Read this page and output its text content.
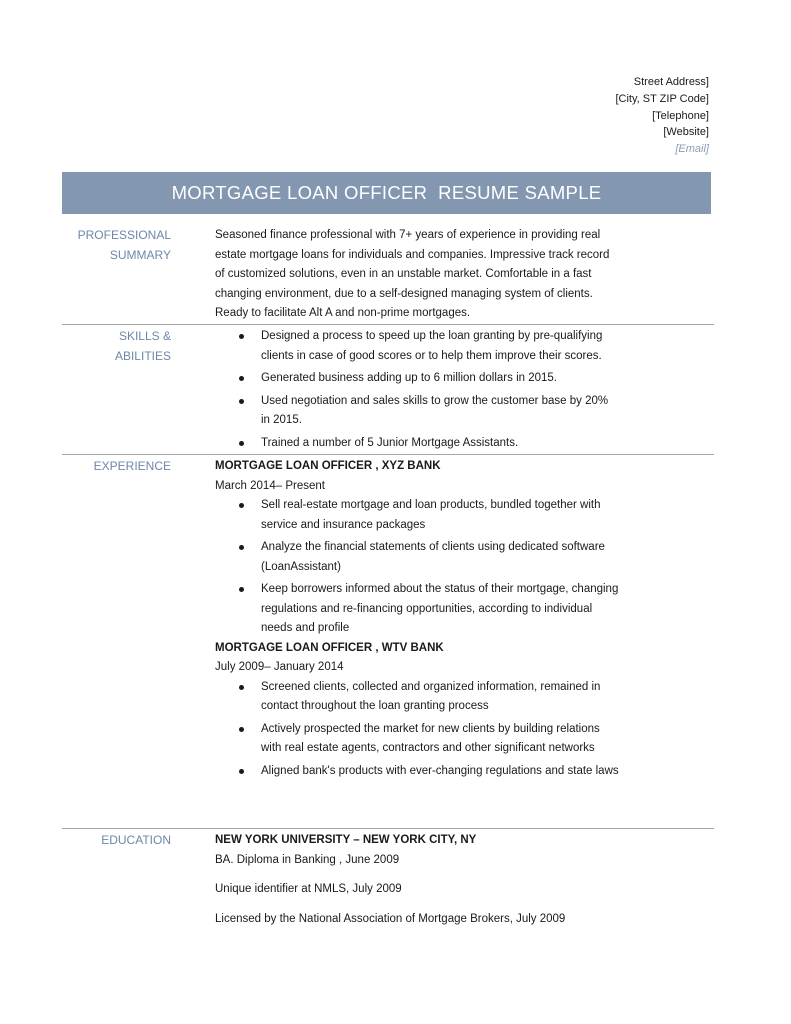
Street Address]
[City, ST ZIP Code]
[Telephone]
[Website]
[Email]
MORTGAGE LOAN OFFICER  RESUME SAMPLE
PROFESSIONAL
SUMMARY

Seasoned finance professional with 7+ years of experience in providing real estate mortgage loans for individuals and companies. Impressive track record of customized solutions, even in an unstable market. Comfortable in a fast changing environment, due to a self-designed managing system of clients. Ready to facilitate Alt A and non-prime mortgages.

SKILLS & ABILITIES
Designed a process to speed up the loan granting by pre-qualifying clients in case of good scores or to help them improve their scores.
Generated business adding up to 6 million dollars in 2015.
Used negotiation and sales skills to grow the customer base by 20% in 2015.
Trained a number of 5 Junior Mortgage Assistants.
EXPERIENCE	MORTGAGE LOAN OFFICER , XYZ BANK
March 2014– Present
Sell real-estate mortgage and loan products, bundled together with service and insurance packages
Analyze the financial statements of clients using dedicated software (LoanAssistant)
Keep borrowers informed about the status of their mortgage, changing regulations and re-financing opportunities, according to individual needs and profile
MORTGAGE LOAN OFFICER , WTV BANK
July 2009– January 2014
Screened clients, collected and organized information, remained in contact throughout the loan granting process
Actively prospected the market for new clients by building relations with real estate agents, contractors and other significant networks
Aligned bank's products with ever-changing regulations and state laws
EDUCATION	NEW YORK UNIVERSITY – NEW YORK CITY, NY
BA. Diploma in Banking , June 2009
Unique identifier at NMLS, July 2009
Licensed by the National Association of Mortgage Brokers, July 2009
